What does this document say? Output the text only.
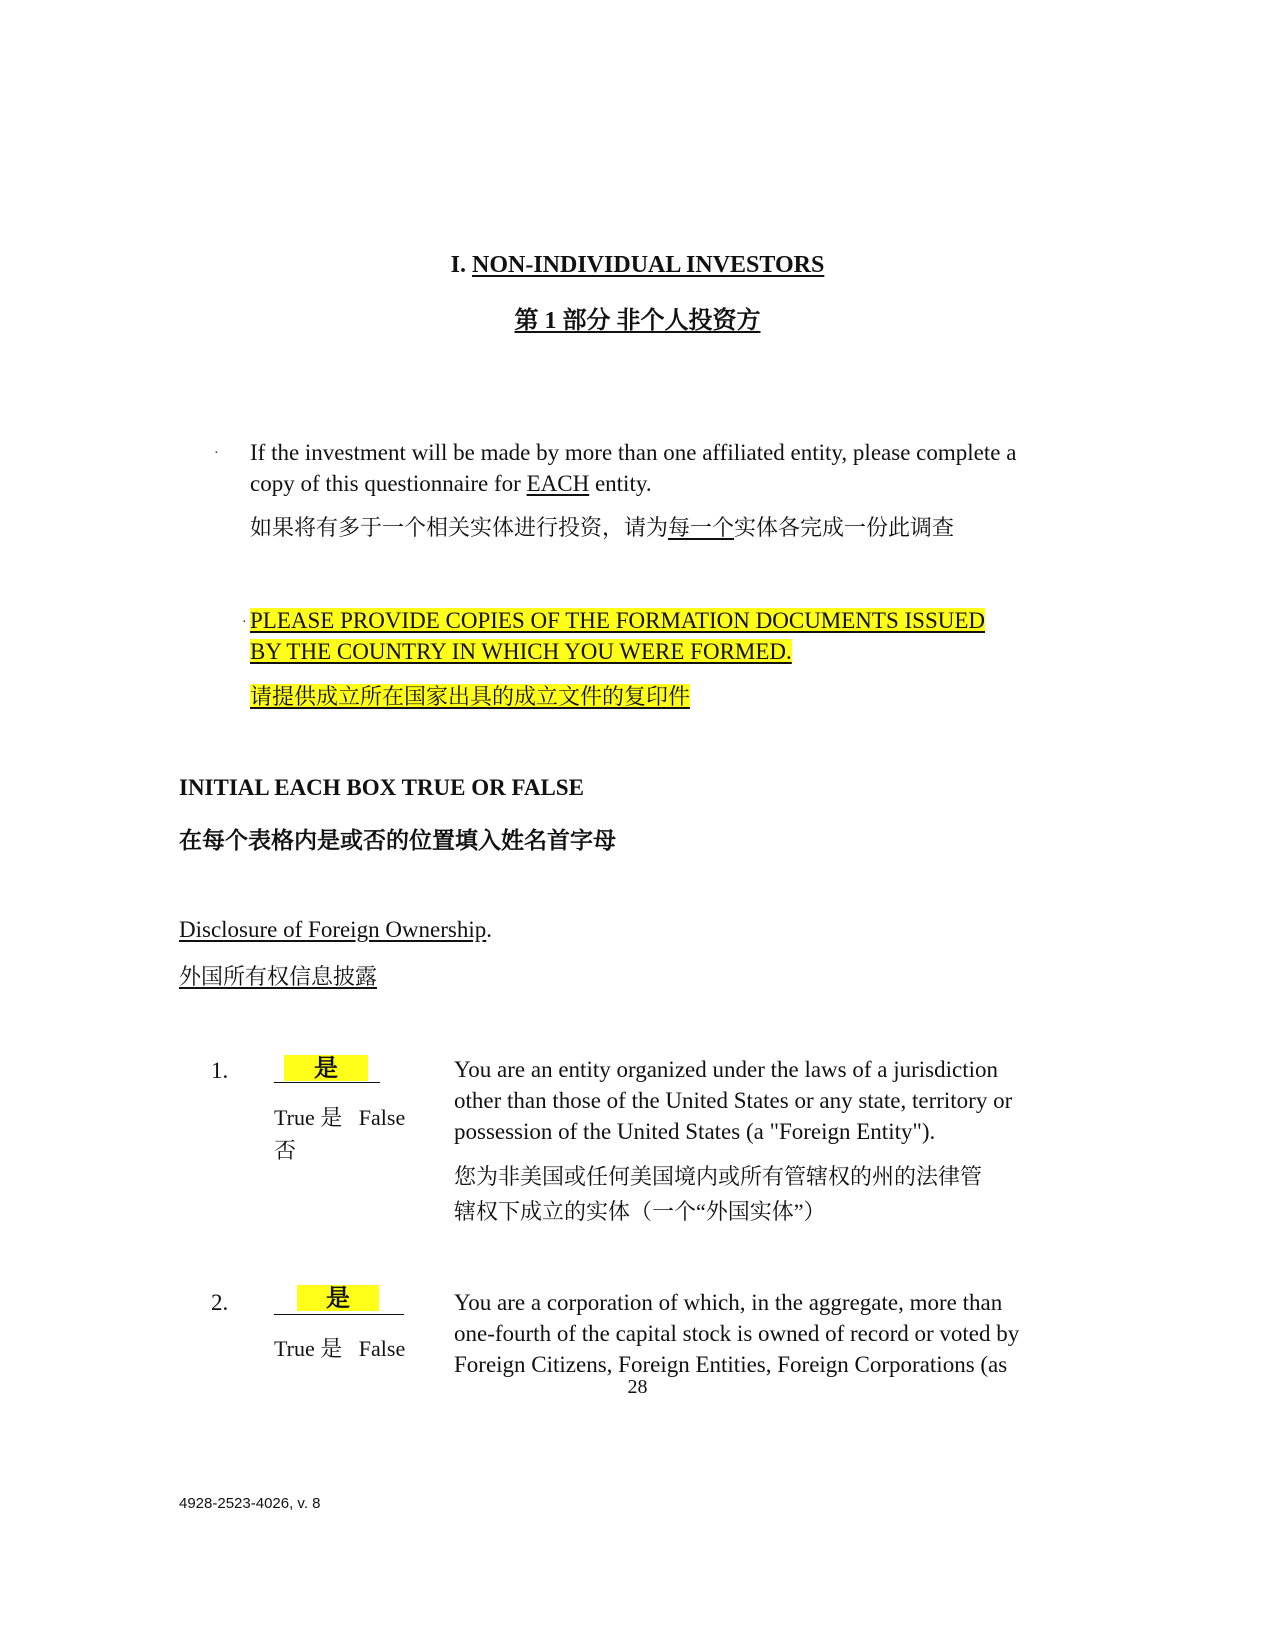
I. NON-INDIVIDUAL INVESTORS
第 1 部分 非个人投资方
· If the investment will be made by more than one affiliated entity, please complete a copy of this questionnaire for EACH entity.
如果将有多于一个相关实体进行投资，请为每一个实体各完成一份此调查
· PLEASE PROVIDE COPIES OF THE FORMATION DOCUMENTS ISSUED
BY THE COUNTRY IN WHICH YOU WERE FORMED.
请提供成立所在国家出具的成立文件的复印件
INITIAL EACH BOX TRUE OR FALSE
在每个表格内是或否的位置填入姓名首字母
Disclosure of Foreign Ownership.
外国所有权信息披露
1.	是
True 是 False
否
You are an entity organized under the laws of a jurisdiction
other than those of the United States or any state, territory or
possession of the United States (a "Foreign Entity").
您为非美国或任何美国境内或所有管辖权的州的法律管
辖权下成立的实体（一个“外国实体”）
2.	是
True 是 False
You are a corporation of which, in the aggregate, more than
one-fourth of the capital stock is owned of record or voted by
Foreign Citizens, Foreign Entities, Foreign Corporations (as
28
4928-2523-4026, v. 8
